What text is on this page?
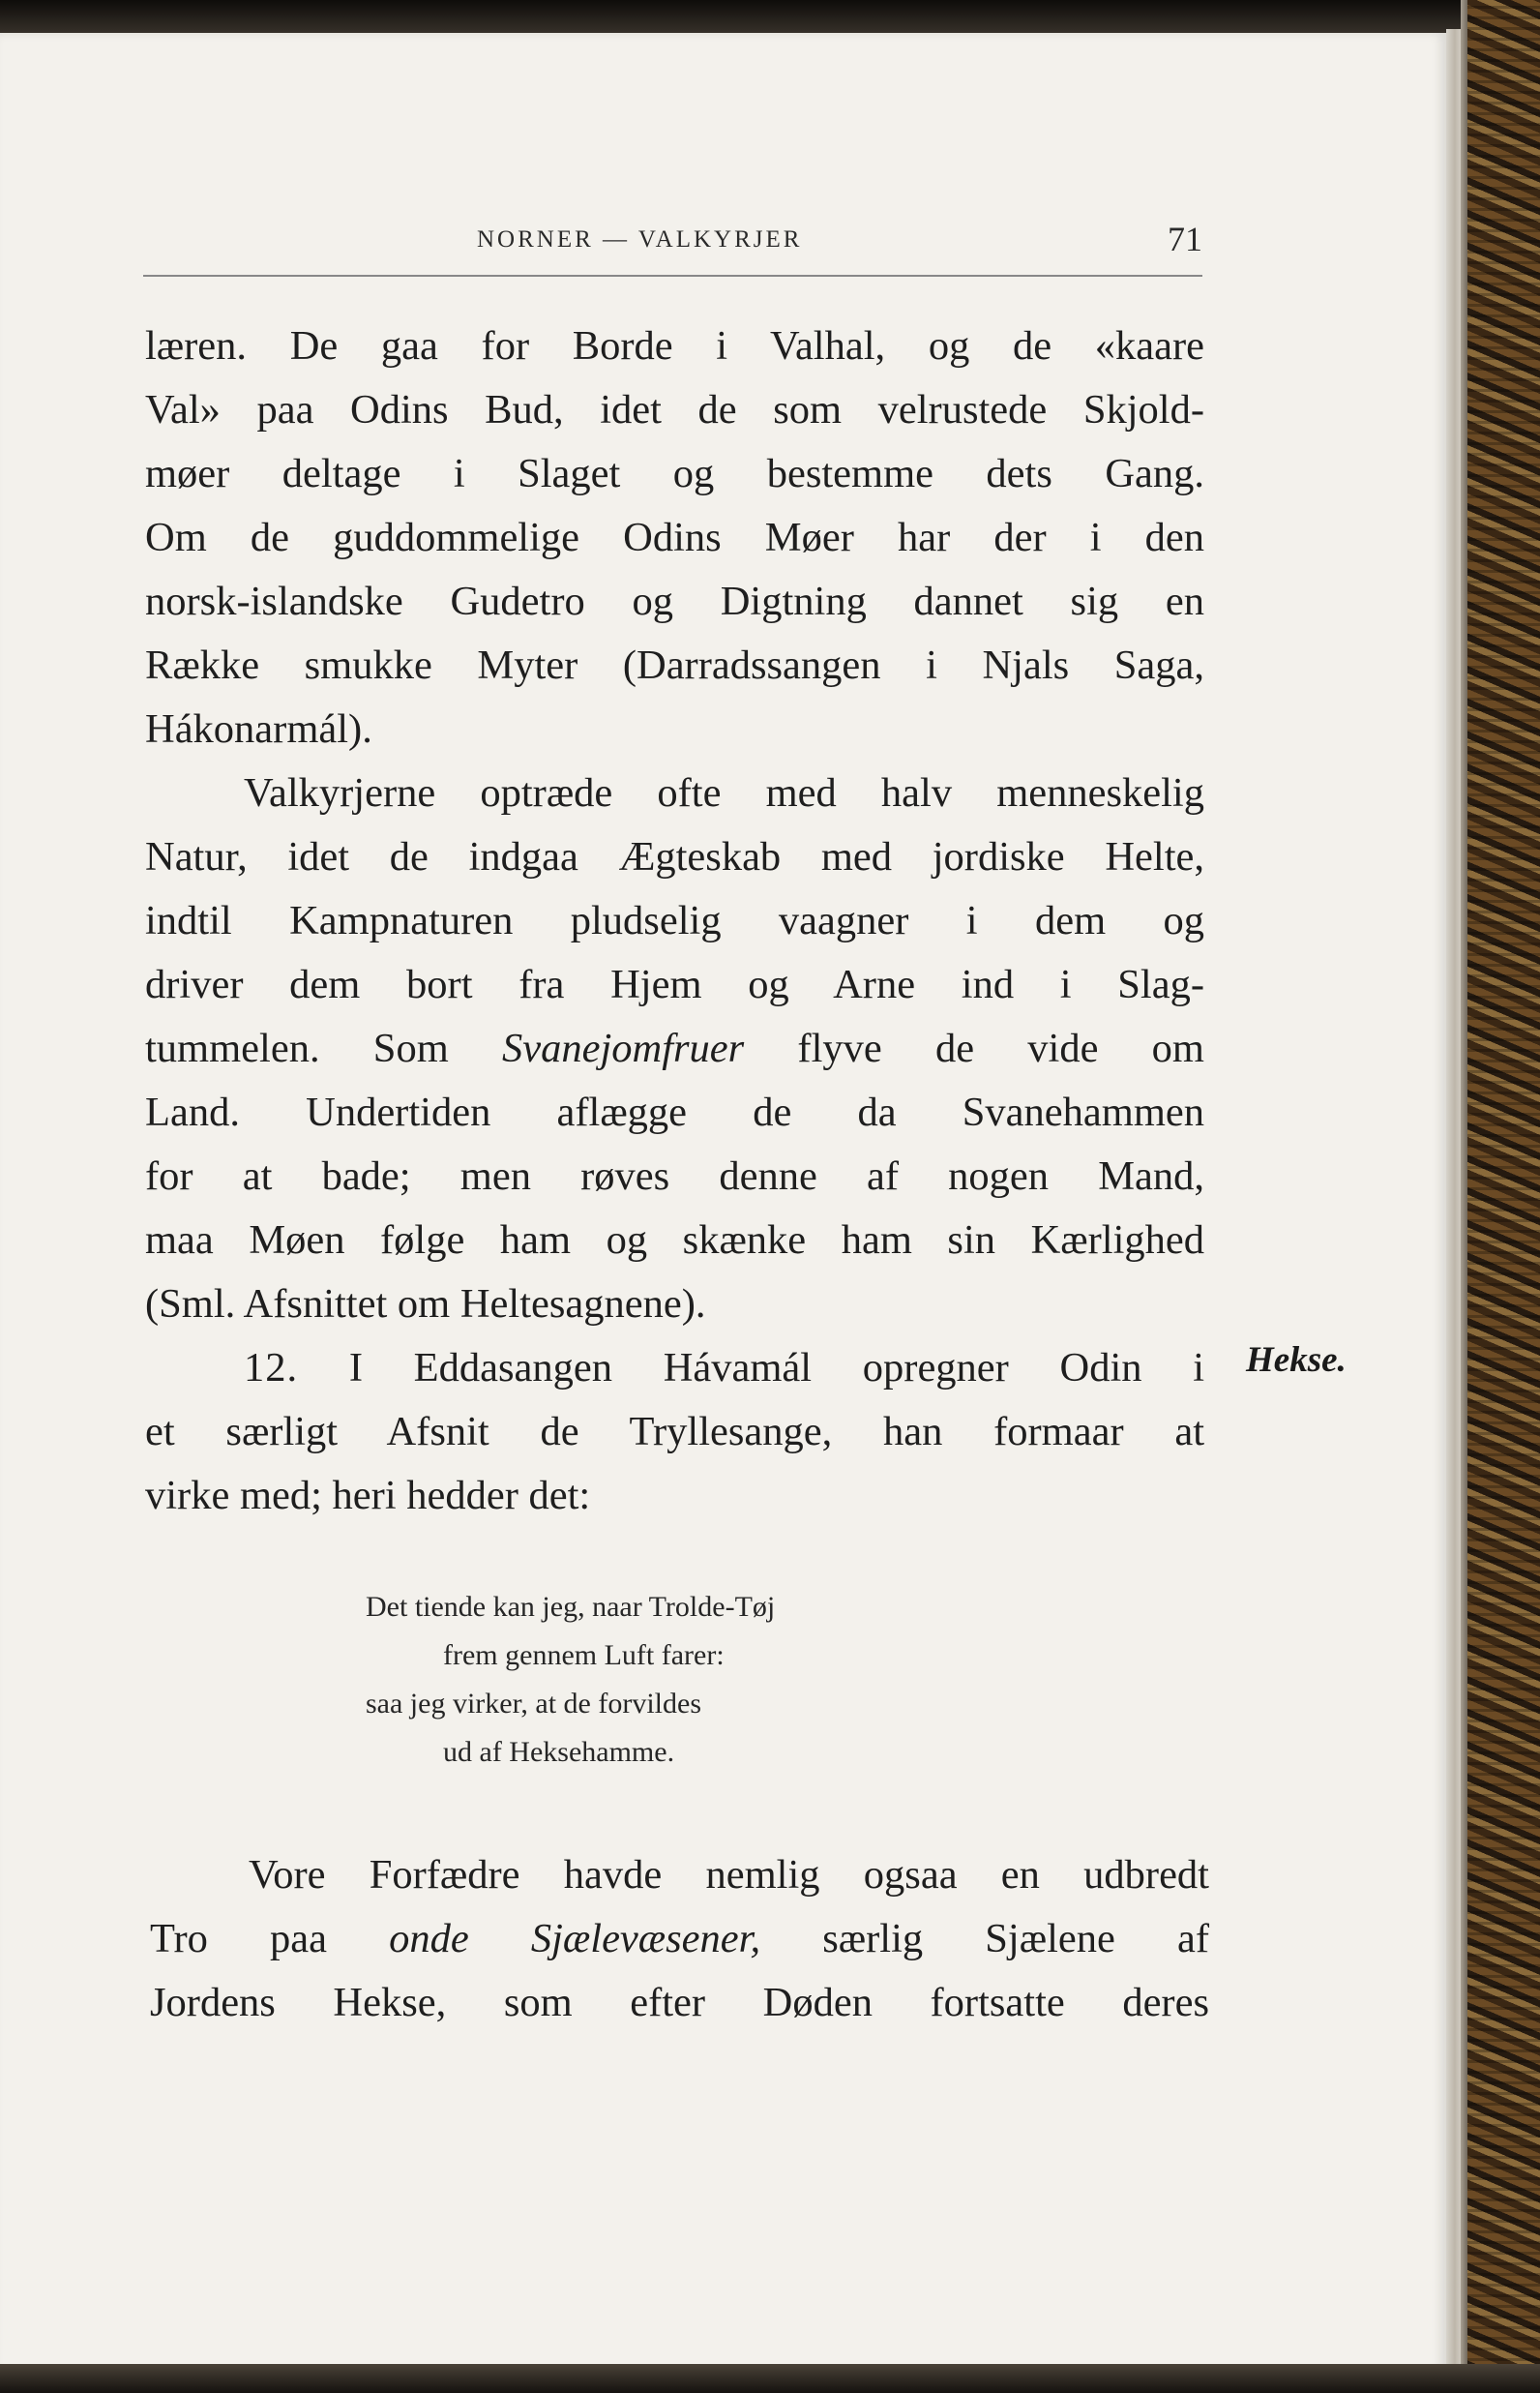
NORNER — VALKYRJER	71

læren. De gaa for Borde i Valhal, og de «kaare

Val» paa Odins Bud, idet de som velrustede Skjold-

møer deltage i Slaget og bestemme dets Gang.

Om de guddommelige Odins Møer har der i den

norsk-islandske Gudetro og Digtning dannet sig en

Række smukke Myter (Darradssangen i Njals Saga,

Hákonarmál).

Valkyrjerne optræde ofte med halv menneskelig

Natur, idet de indgaa Ægteskab med jordiske Helte,

indtil Kampnaturen pludselig vaagner i dem og

driver dem bort fra Hjem og Arne ind i Slag-

tummelen. Som Svanejomfruer flyve de vide om

Land. Undertiden aflægge de da Svanehammen

for at bade; men røves denne af nogen Mand,

maa Møen følge ham og skænke ham sin Kærlighed

(Sml. Afsnittet om Heltesagnene).

12. I Eddasangen Hávamál opregner Odin i

et særligt Afsnit de Tryllesange, han formaar at

virke med; heri hedder det:

Hekse.

Det tiende kan jeg, naar Trolde-Tøj

frem gennem Luft farer:

saa jeg virker, at de forvildes

ud af Heksehamme.

Vore Forfædre havde nemlig ogsaa en udbredt

Tro paa onde Sjælevæsener, særlig Sjælene af

Jordens Hekse, som efter Døden fortsatte deres
